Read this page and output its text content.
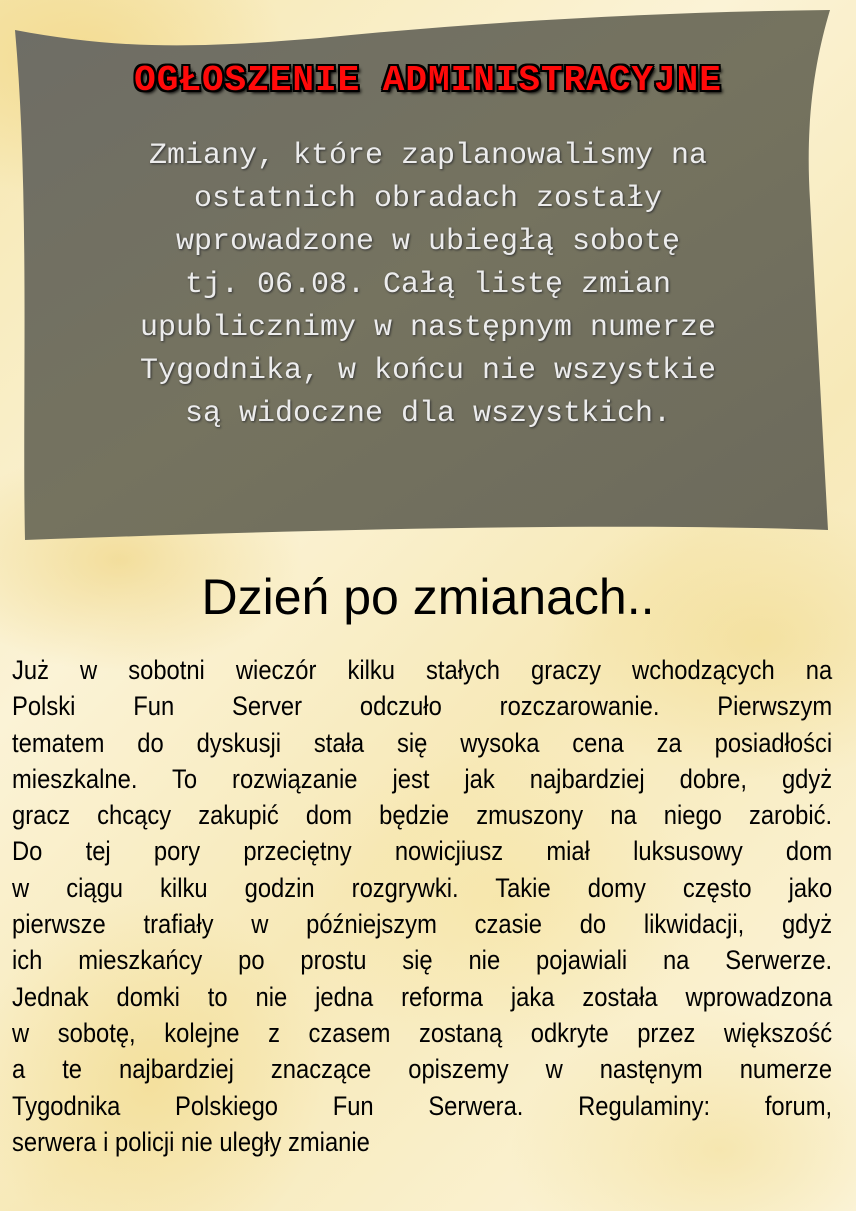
OGŁOSZENIE ADMINISTRACYJNE
Zmiany, które zaplanowalismy na
ostatnich obradach zostały
wprowadzone w ubiegłą sobotę
tj. 06.08. Całą listę zmian
upublicznimy w następnym numerze
Tygodnika, w końcu nie wszystkie
są widoczne dla wszystkich.
Dzień po zmianach..
Już w sobotni wieczór kilku stałych graczy wchodzących na
Polski Fun Server odczuło rozczarowanie. Pierwszym
tematem do dyskusji stała się wysoka cena za posiadłości
mieszkalne. To rozwiązanie jest jak najbardziej dobre, gdyż
gracz chcący zakupić dom będzie zmuszony na niego zarobić.
Do tej pory przeciętny nowicjiusz miał luksusowy dom
w ciągu kilku godzin rozgrywki. Takie domy często jako
pierwsze trafiały w późniejszym czasie do likwidacji, gdyż
ich mieszkańcy po prostu się nie pojawiali na Serwerze.
Jednak domki to nie jedna reforma jaka została wprowadzona
w sobotę, kolejne z czasem zostaną odkryte przez większość
a te najbardziej znaczące opiszemy w nastęnym numerze
Tygodnika Polskiego Fun Serwera. Regulaminy: forum,
serwera i policji nie uległy zmianie
